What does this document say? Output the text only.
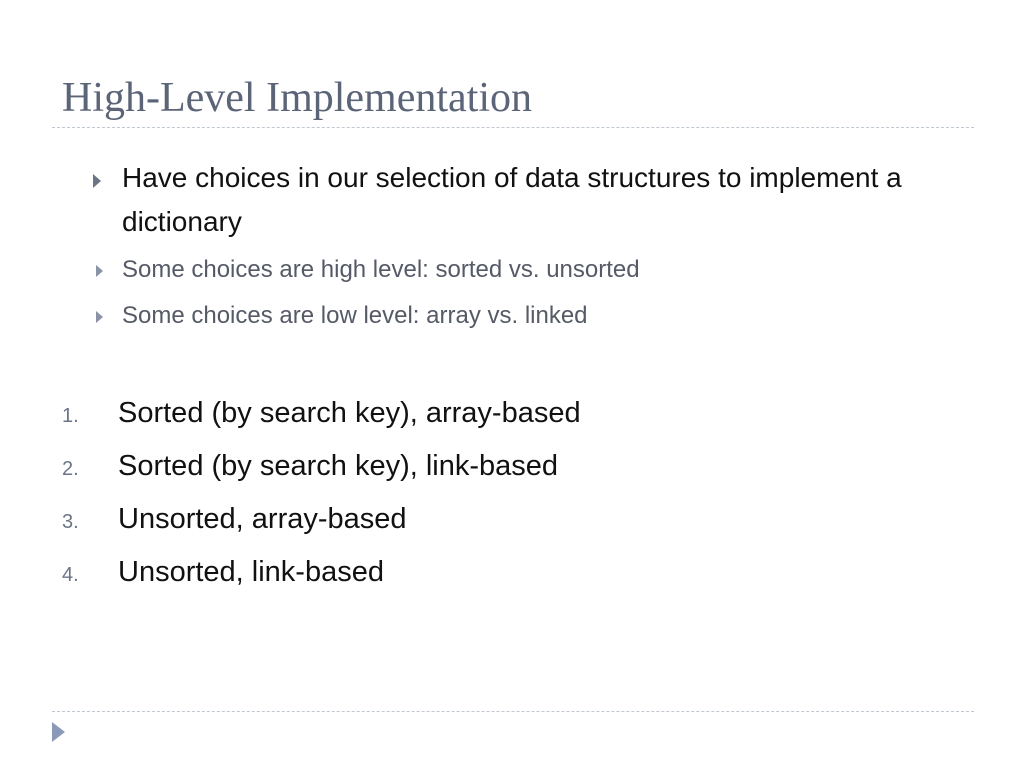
High-Level Implementation
Have choices in our selection of data structures to implement a dictionary
Some choices are high level: sorted vs. unsorted
Some choices are low level: array vs. linked
1.	Sorted (by search key), array-based
2.	Sorted (by search key), link-based
3.	Unsorted, array-based
4.	Unsorted, link-based
